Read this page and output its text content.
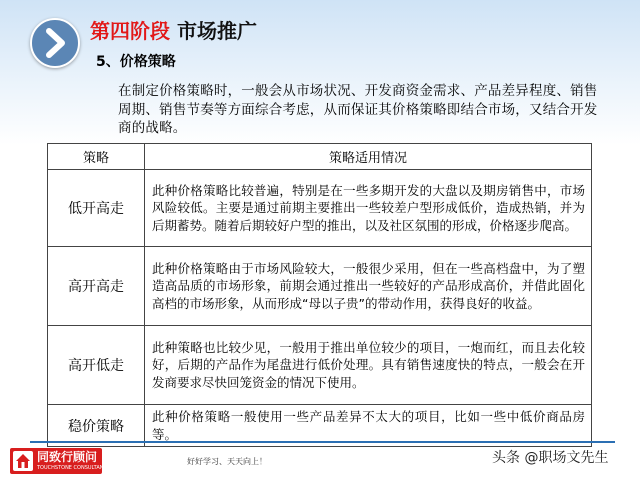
第四阶段 市场推广
5、价格策略
在制定价格策略时，一般会从市场状况、开发商资金需求、产品差异程度、销售周期、销售节奏等方面综合考虑，从而保证其价格策略即结合市场，又结合开发商的战略。
策略	策略适用情况
低开高走	此种价格策略比较普遍，特别是在一些多期开发的大盘以及期房销售中，市场风险较低。主要是通过前期主要推出一些较差户型形成低价，造成热销，并为后期蓄势。随着后期较好户型的推出，以及社区氛围的形成，价格逐步爬高。
高开高走	此种价格策略由于市场风险较大，一般很少采用，但在一些高档盘中，为了塑造高品质的市场形象，前期会通过推出一些较好的产品形成高价，并借此固化高档的市场形象，从而形成“母以子贵”的带动作用，获得良好的收益。
高开低走	此种策略也比较少见，一般用于推出单位较少的项目，一炮而红，而且去化较好，后期的产品作为尾盘进行低价处理。具有销售速度快的特点，一般会在开发商要求尽快回笼资金的情况下使用。
稳价策略	此种价格策略一般使用一些产品差异不太大的项目，比如一些中低价商品房等。
同致行顾问
TOUCHSTONE CONSULTANT
好好学习、天天向上！	头条 @职场文先生
